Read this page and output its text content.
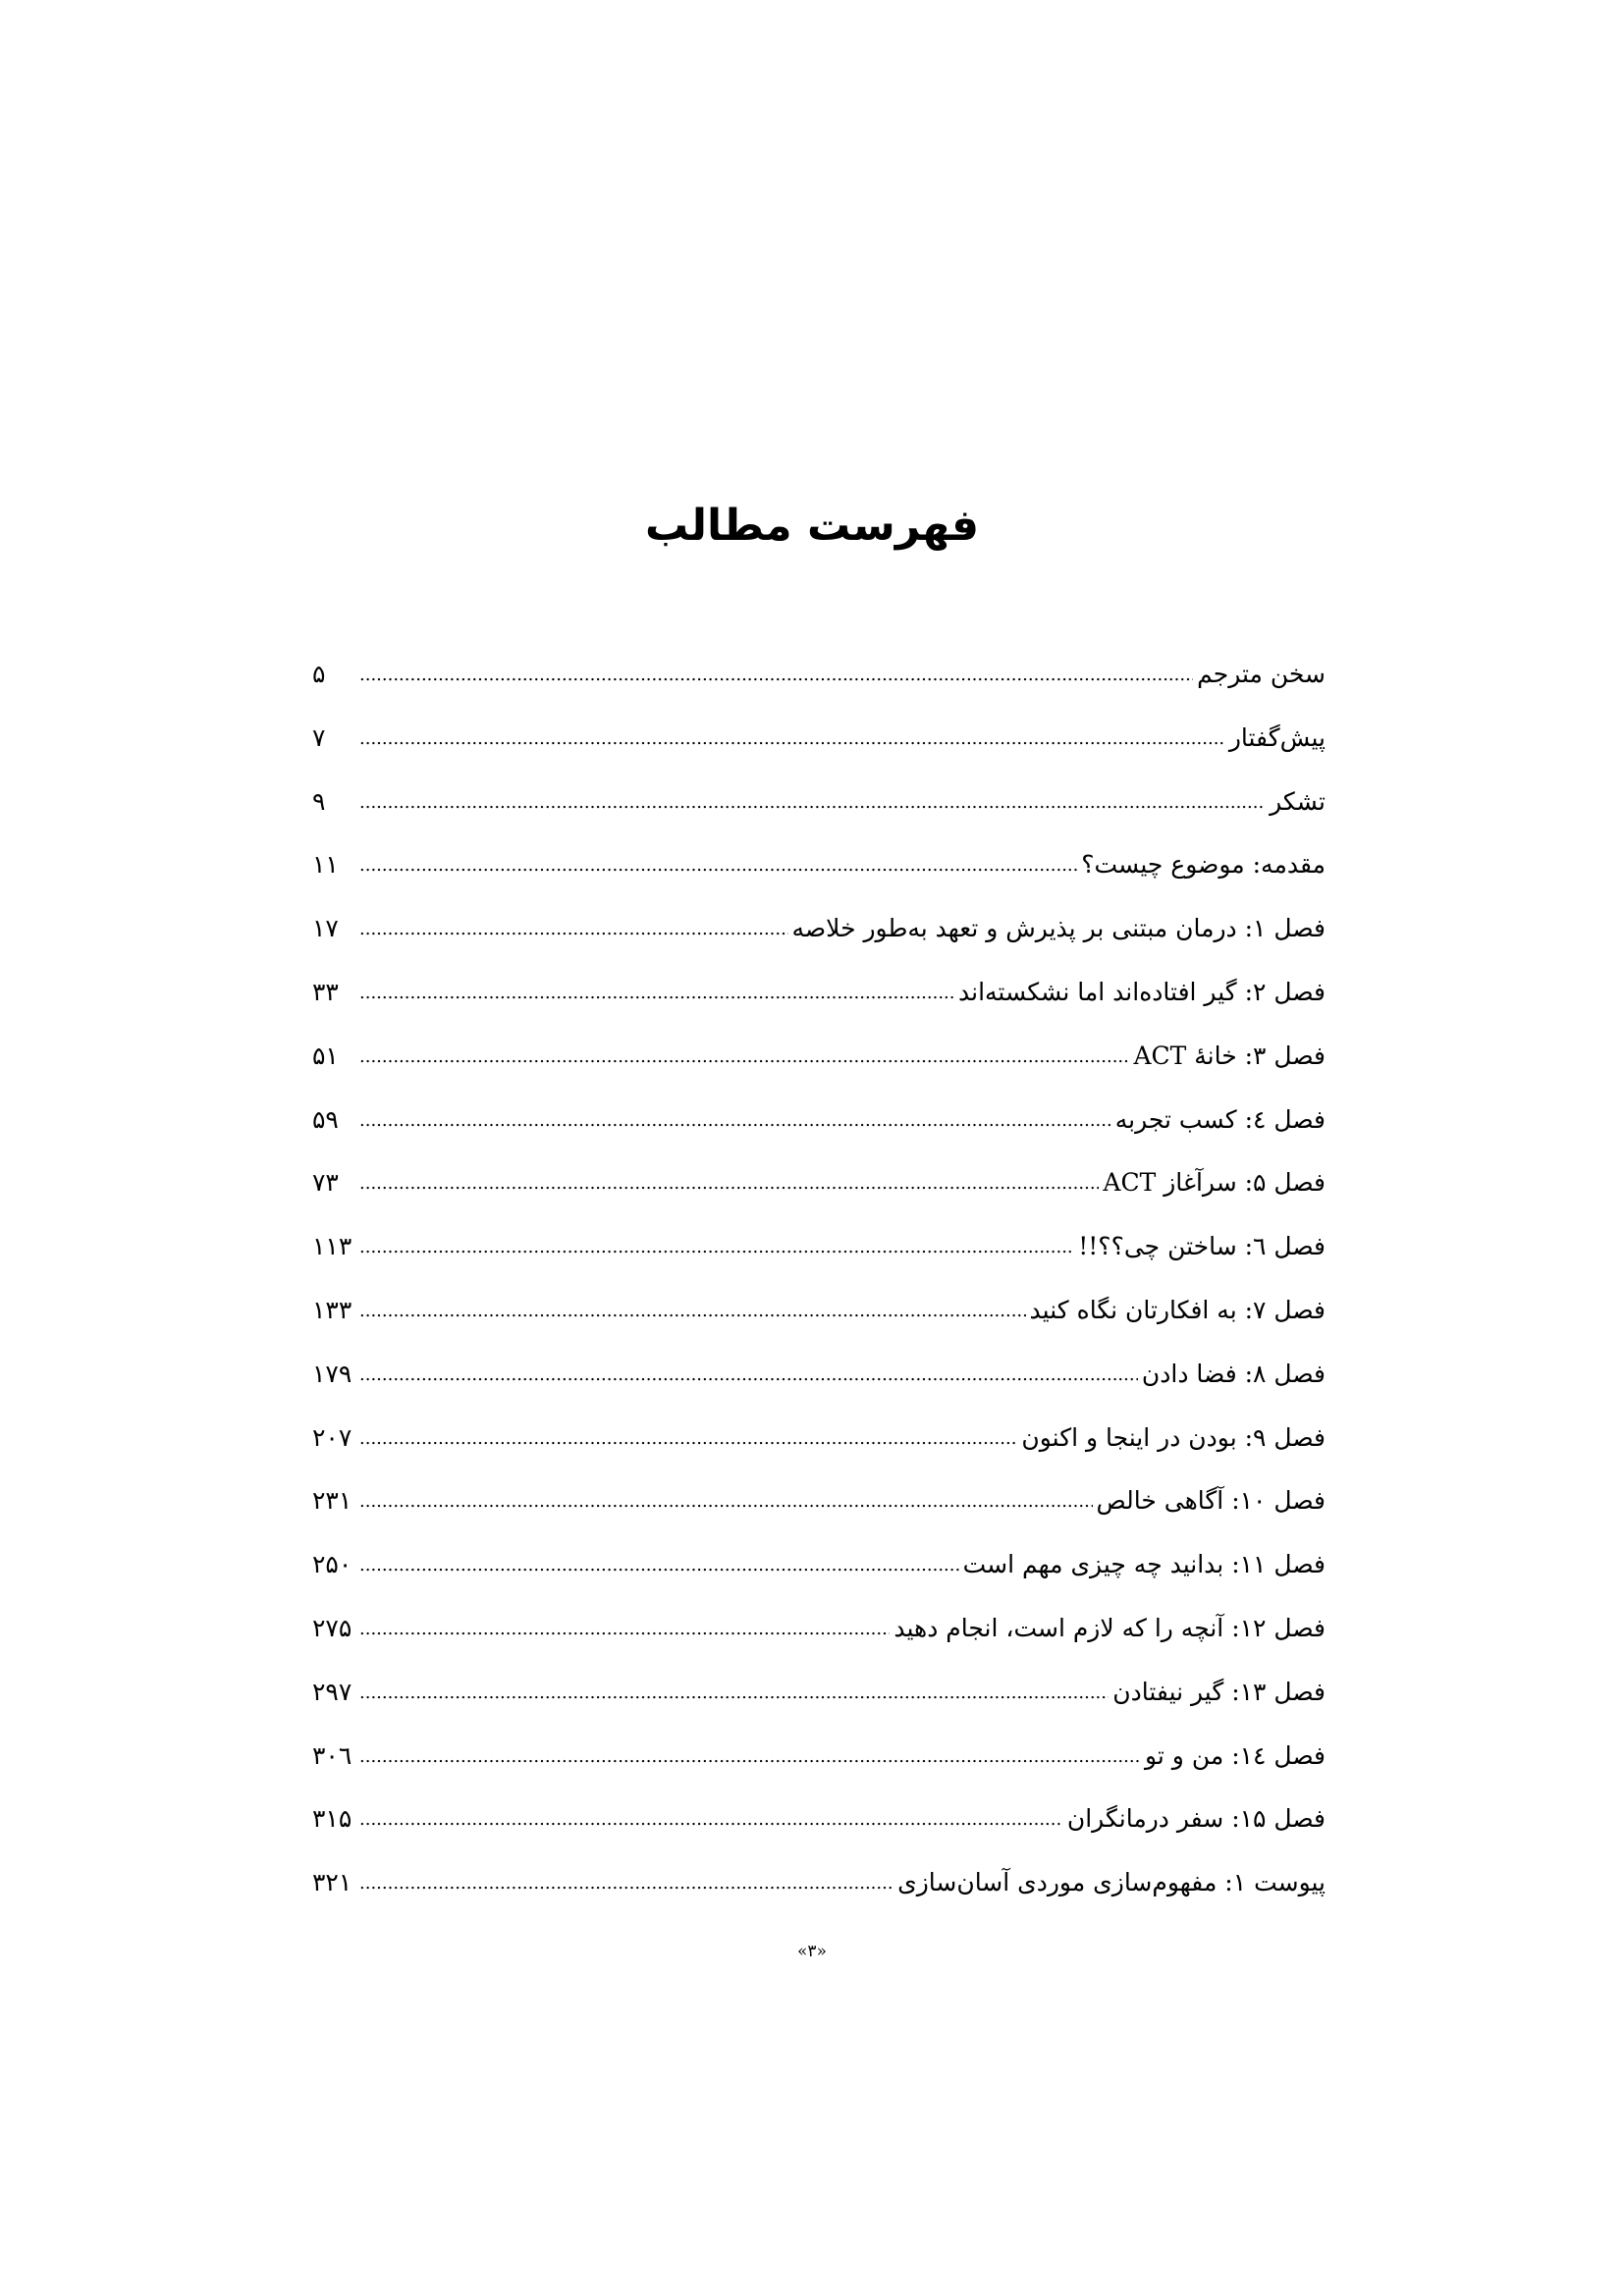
فهرست مطالب
سخن مترجم
.....
۵
پیش‌گفتار
.....
۷
تشکر
.....
۹
مقدمه: موضوع چیست؟
.....
۱۱
فصل ۱: درمان مبتنی بر پذیرش و تعهد به‌طور خلاصه
.....
۱۷
فصل ۲: گیر افتاده‌اند اما نشکسته‌اند
.....
۳۳
فصل ۳: خانهٔ ACT
.....
۵۱
فصل ٤: کسب تجربه
.....
۵۹
فصل ۵: سرآغاز ACT
.....
۷۳
فصل ٦: ساختن چی؟؟!!
.....
۱۱۳
فصل ۷: به افکارتان نگاه کنید
.....
۱۳۳
فصل ۸: فضا دادن
.....
۱۷۹
فصل ۹: بودن در اینجا و اکنون
.....
۲۰۷
فصل ۱۰: آگاهی خالص
.....
۲۳۱
فصل ۱۱: بدانید چه چیزی مهم است
.....
۲۵۰
فصل ۱۲: آنچه را که لازم است، انجام دهید
.....
۲۷۵
فصل ۱۳: گیر نیفتادن
.....
۲۹۷
فصل ١٤: من و تو
.....
۳۰٦
فصل ۱۵: سفر درمانگران
.....
۳۱۵
پیوست ۱: مفهوم‌سازی موردی آسان‌سازی
.....
۳۲۱
«۳»
